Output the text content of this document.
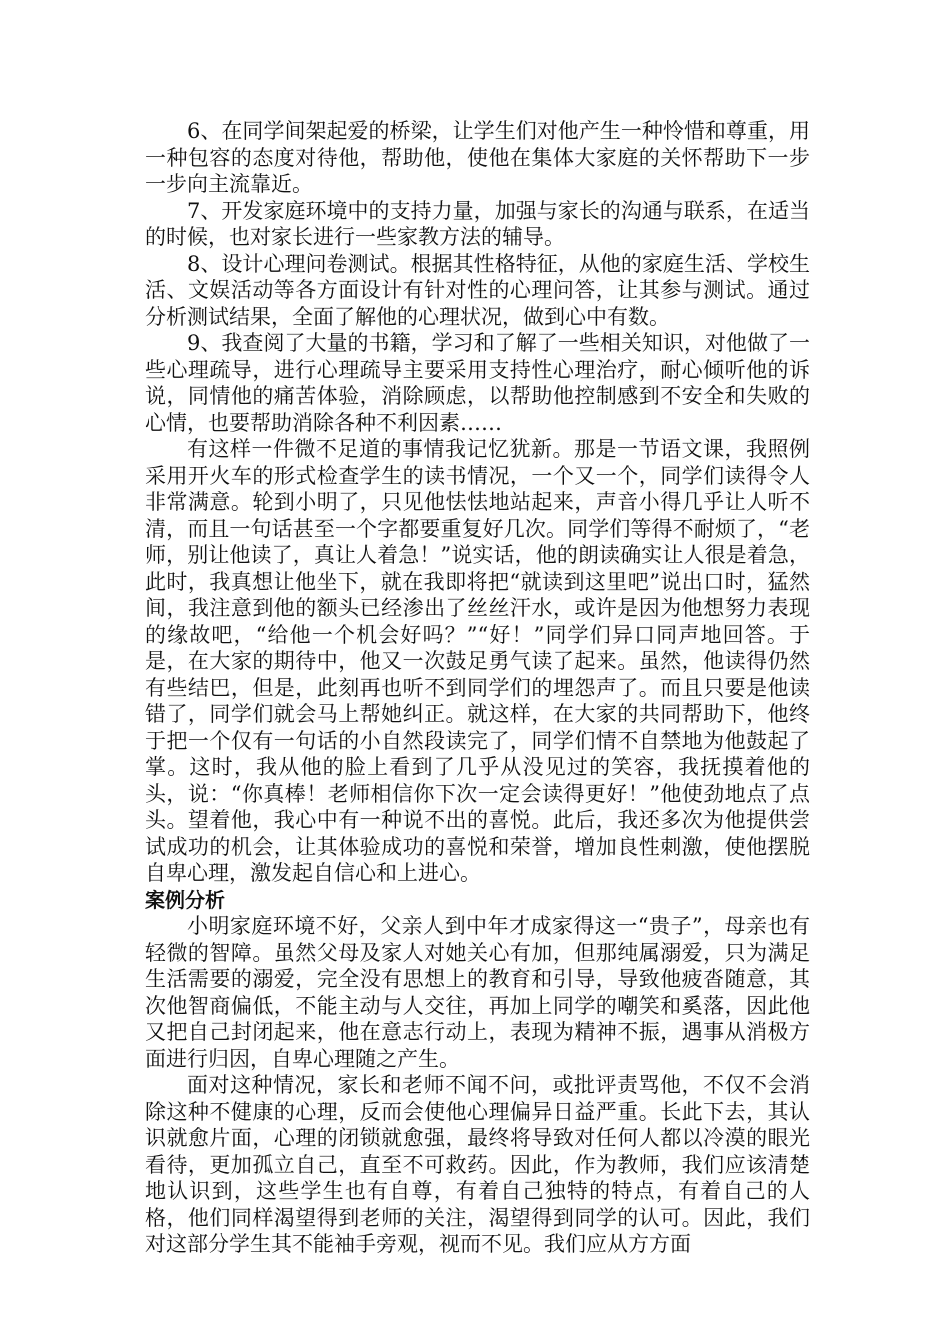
6、在同学间架起爱的桥梁，让学生们对他产生一种怜惜和尊重，用一种包容的态度对待他，帮助他，使他在集体大家庭的关怀帮助下一步一步向主流靠近。

7、开发家庭环境中的支持力量，加强与家长的沟通与联系，在适当的时候，也对家长进行一些家教方法的辅导。

8、设计心理问卷测试。根据其性格特征，从他的家庭生活、学校生活、文娱活动等各方面设计有针对性的心理问答，让其参与测试。通过分析测试结果，全面了解他的心理状况，做到心中有数。

9、我查阅了大量的书籍，学习和了解了一些相关知识，对他做了一些心理疏导，进行心理疏导主要采用支持性心理治疗，耐心倾听他的诉说，同情他的痛苦体验，消除顾虑，以帮助他控制感到不安全和失败的心情，也要帮助消除各种不利因素……

有这样一件微不足道的事情我记忆犹新。那是一节语文课，我照例采用开火车的形式检查学生的读书情况，一个又一个，同学们读得令人非常满意。轮到小明了，只见他怯怯地站起来，声音小得几乎让人听不清，而且一句话甚至一个字都要重复好几次。同学们等得不耐烦了，“老师，别让他读了，真让人着急！”说实话，他的朗读确实让人很是着急，此时，我真想让他坐下，就在我即将把“就读到这里吧”说出口时，猛然间，我注意到他的额头已经渗出了丝丝汗水，或许是因为他想努力表现的缘故吧，“给他一个机会好吗？”“好！”同学们异口同声地回答。于是，在大家的期待中，他又一次鼓足勇气读了起来。虽然，他读得仍然有些结巴，但是，此刻再也听不到同学们的埋怨声了。而且只要是他读错了，同学们就会马上帮她纠正。就这样，在大家的共同帮助下，他终于把一个仅有一句话的小自然段读完了，同学们情不自禁地为他鼓起了掌。这时，我从他的脸上看到了几乎从没见过的笑容，我抚摸着他的头，说：“你真棒！老师相信你下次一定会读得更好！”他使劲地点了点头。望着他，我心中有一种说不出的喜悦。此后，我还多次为他提供尝试成功的机会，让其体验成功的喜悦和荣誉，增加良性刺激，使他摆脱自卑心理，激发起自信心和上进心。

案例分析

小明家庭环境不好，父亲人到中年才成家得这一“贵子”，母亲也有轻微的智障。虽然父母及家人对她关心有加，但那纯属溺爱，只为满足生活需要的溺爱，完全没有思想上的教育和引导，导致他疲沓随意，其次他智商偏低，不能主动与人交往，再加上同学的嘲笑和奚落，因此他又把自己封闭起来，他在意志行动上，表现为精神不振，遇事从消极方面进行归因，自卑心理随之产生。

面对这种情况，家长和老师不闻不问，或批评责骂他，不仅不会消除这种不健康的心理，反而会使他心理偏异日益严重。长此下去，其认识就愈片面，心理的闭锁就愈强，最终将导致对任何人都以冷漠的眼光看待，更加孤立自己，直至不可救药。因此，作为教师，我们应该清楚地认识到，这些学生也有自尊，有着自己独特的特点，有着自己的人格，他们同样渴望得到老师的关注，渴望得到同学的认可。因此，我们对这部分学生其不能袖手旁观，视而不见。我们应从方方面
